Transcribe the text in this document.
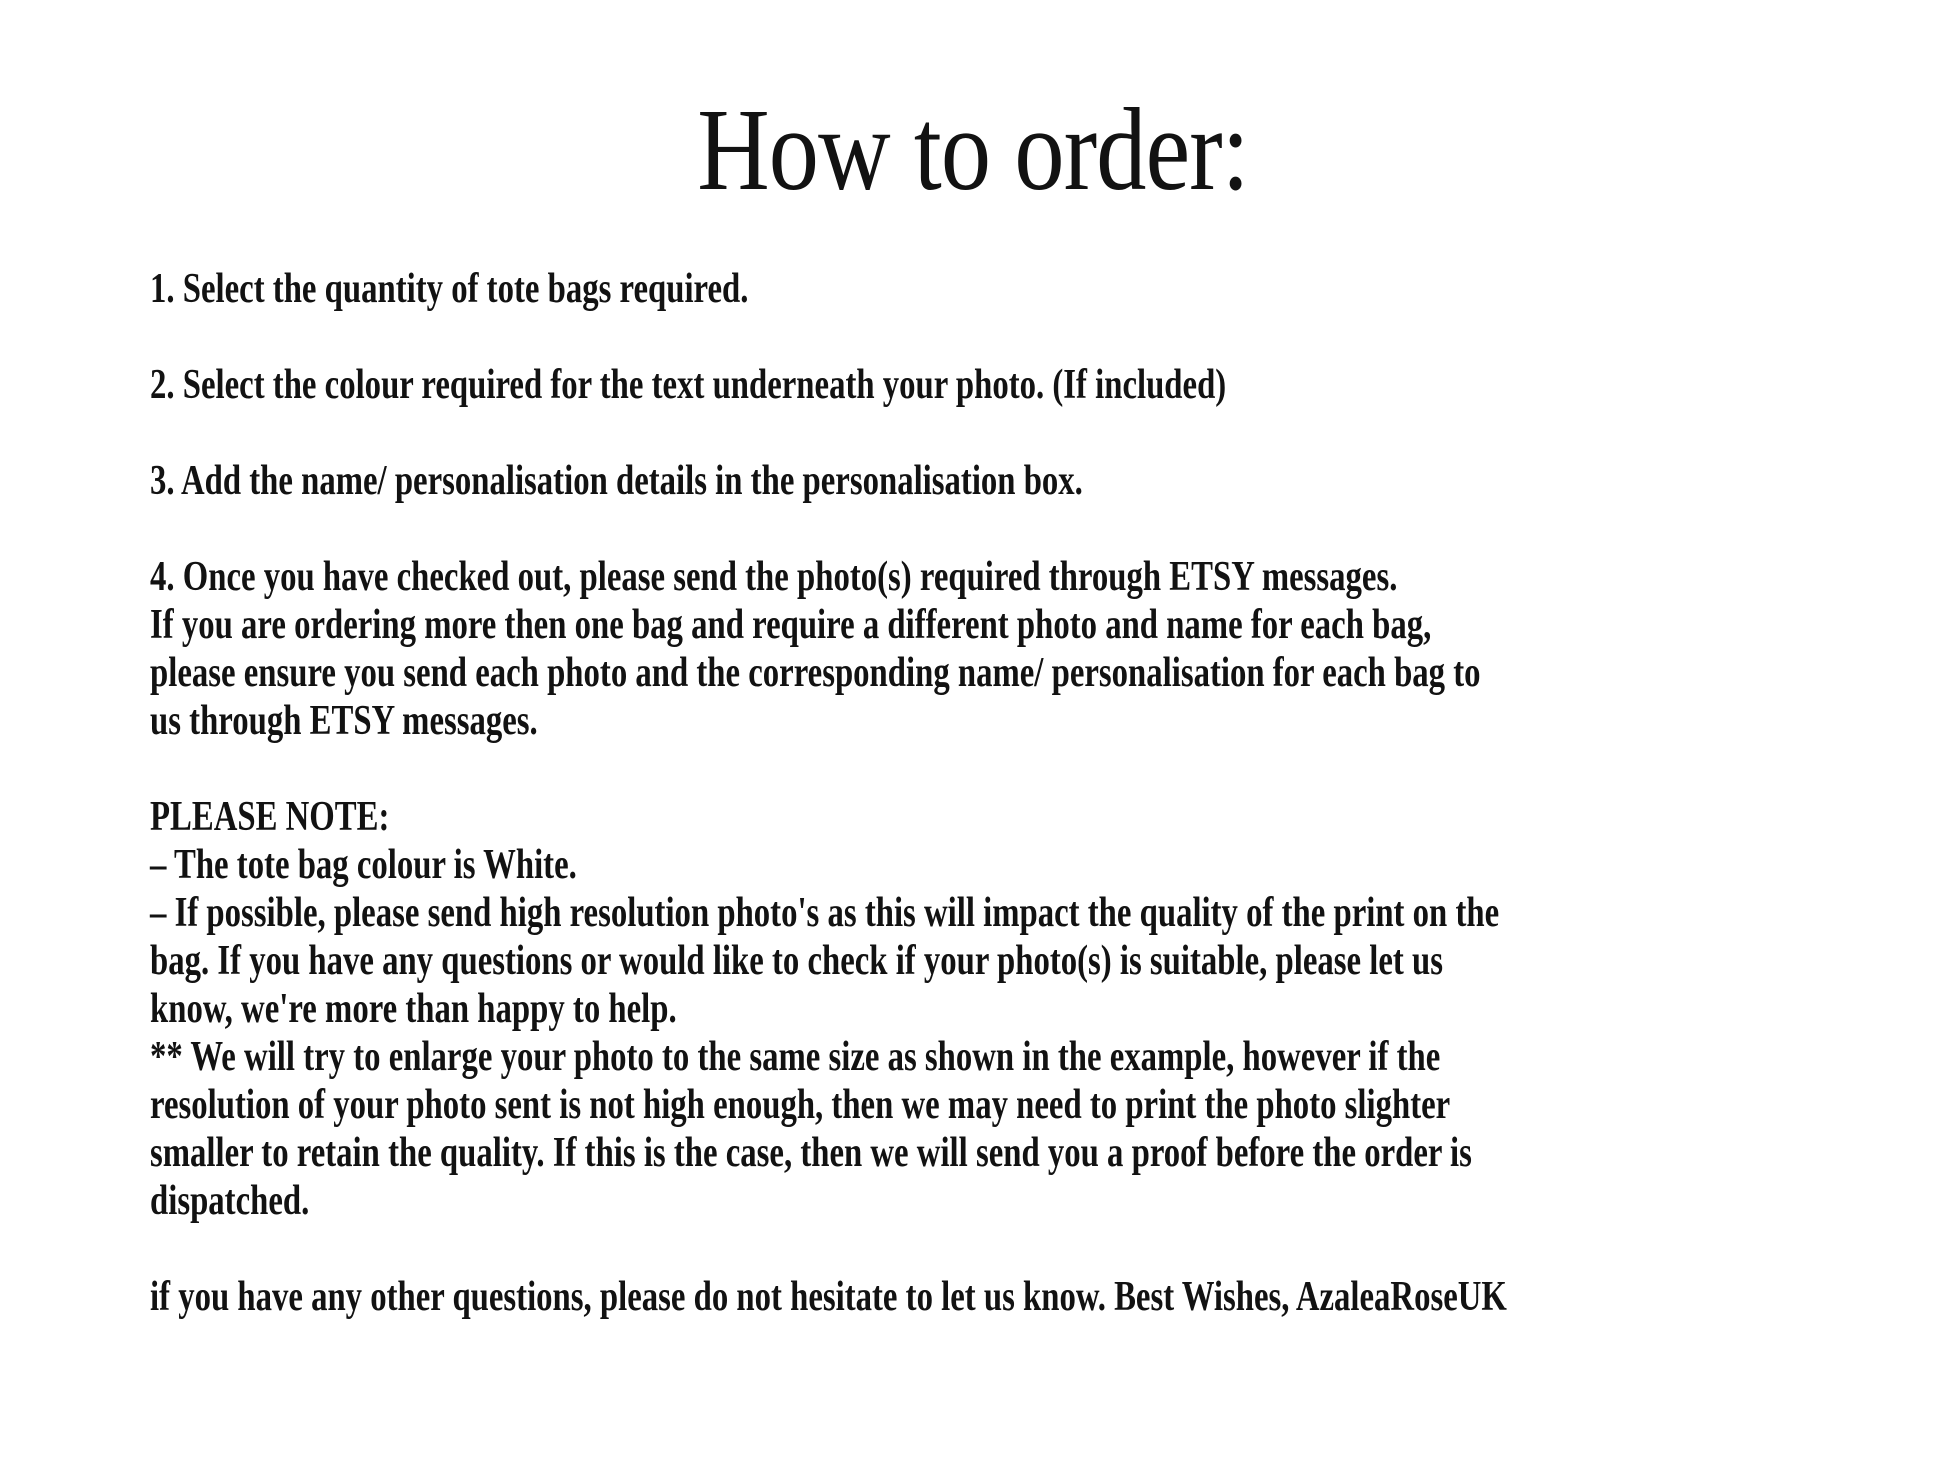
How to order:

1. Select the quantity of tote bags required.

2. Select the colour required for the text underneath your photo. (If included)

3. Add the name/ personalisation details in the personalisation box.

4. Once you have checked out, please send the photo(s) required through ETSY messages.
If you are ordering more then one bag and require a different photo and name for each bag,
please ensure you send each photo and the corresponding name/ personalisation for each bag to
us through ETSY messages.

PLEASE NOTE:
– The tote bag colour is White.
– If possible, please send high resolution photo's as this will impact the quality of the print on the
bag. If you have any questions or would like to check if your photo(s) is suitable, please let us
know, we're more than happy to help.
** We will try to enlarge your photo to the same size as shown in the example, however if the
resolution of your photo sent is not high enough, then we may need to print the photo slighter
smaller to retain the quality. If this is the case, then we will send you a proof before the order is
dispatched.

if you have any other questions, please do not hesitate to let us know. Best Wishes, AzaleaRoseUK
